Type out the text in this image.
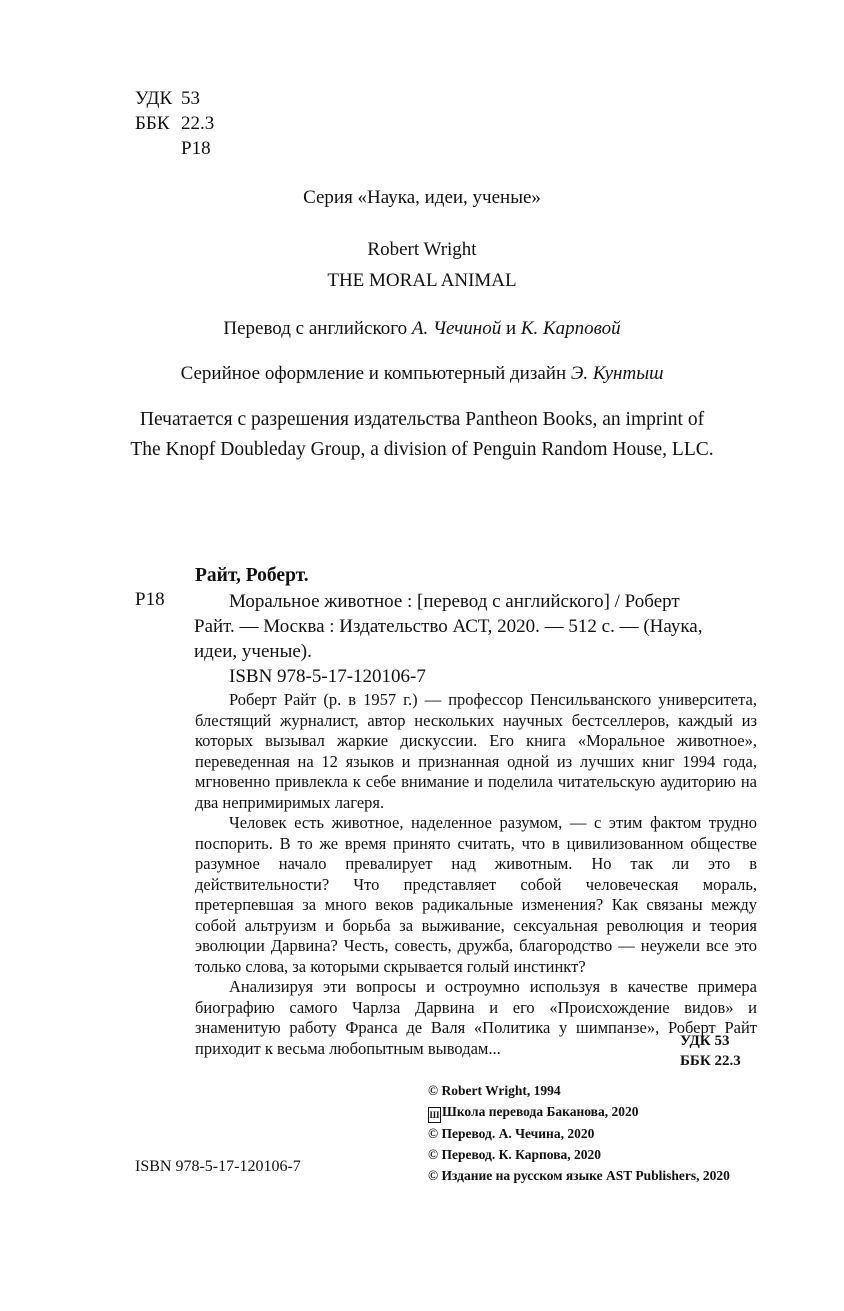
УДК 53
ББК 22.3
Р18
Серия «Наука, идеи, ученые»
Robert Wright
THE MORAL ANIMAL
Перевод с английского А. Чечиной и К. Карповой
Серийное оформление и компьютерный дизайн Э. Кунтыш
Печатается с разрешения издательства Pantheon Books, an imprint of
The Knopf Doubleday Group, a division of Penguin Random House, LLC.
Райт, Роберт.
Р18	Моральное животное : [перевод с английского] / Роберт

Райт. — Москва : Издательство АСТ, 2020. — 512 с. — (Наука,

идеи, ученые).

ISBN 978-5-17-120106-7

Роберт Райт (р. в 1957 г.) — профессор Пенсильванского университета, блестящий журналист, автор нескольких научных бестселлеров, каждый из которых вызывал жаркие дискуссии. Его книга «Моральное животное», переведенная на 12 языков и признанная одной из лучших книг 1994 года, мгновенно привлекла к себе внимание и поделила читательскую аудиторию на два непримиримых лагеря.

Человек есть животное, наделенное разумом, — с этим фактом трудно поспорить. В то же время принято считать, что в цивилизованном обществе разумное начало превалирует над животным. Но так ли это в действительности? Что представляет собой человеческая мораль, претерпевшая за много веков радикальные изменения? Как связаны между собой альтруизм и борьба за выживание, сексуальная революция и теория эволюции Дарвина? Честь, совесть, дружба, благородство — неужели все это только слова, за которыми скрывается голый инстинкт?

Анализируя эти вопросы и остроумно используя в качестве примера биографию самого Чарлза Дарвина и его «Происхождение видов» и знаменитую работу Франса де Валя «Политика у шимпанзе», Роберт Райт приходит к весьма любопытным выводам...	УДК 53
ББК 22.3
© Robert Wright, 1994
Ш Школа перевода Баканова, 2020
© Перевод. А. Чечина, 2020
© Перевод. К. Карпова, 2020
© Издание на русском языке AST Publishers, 2020
ISBN 978-5-17-120106-7
